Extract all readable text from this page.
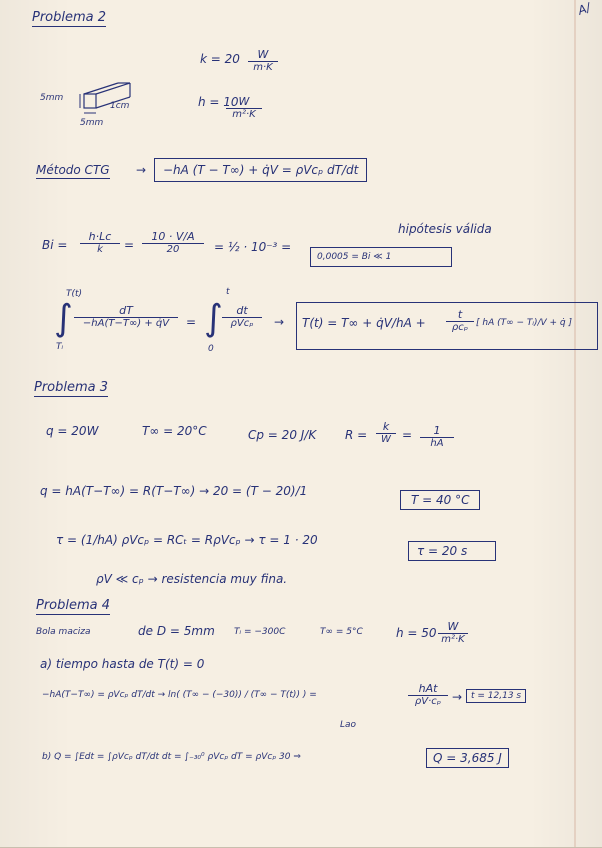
A/
Problema 2
$k = 20 \frac{W}{m\cdot K}$
5mm
1cm
5mm
h = 10
$\frac{W}{\text{m²·K}}$
Método CTG →	−hA (T − T∞) + q̇V = ρVcₚ dT/dt
$Bi = \frac{h\cdot Lc}{k} = \frac{10 \cdot V/A}{20}$ = ½ · 10⁻³ =
0,0005 = Bi ≪ 1
hipótesis válida
T(t)
∫
Tᵢ
$\frac{dT}{-hA(T-T\infty) + q̇V}$ =
t
∫
0
dt
ρVcₚ	→ T(t) = T∞ + q̇V/hA +
t
ρcₚ [ hA (T∞ − Tᵢ)/V + q̇ ]
Problema 3
q = 20W	T∞ = 20°C	Cp = 20 J/K $R = \frac{k}{W} = \frac{1}{hA}$
q = hA(T−T∞) = R(T−T∞) → 20 = (T − 20)/1
T = 40 °C
τ = (1/hA) ρVcₚ = RCₜ = RρVcₚ → τ = 1 · 20
τ = 20 s
ρV ≪ cₚ → resistencia muy fina.
Problema 4
Bola maciza	de D = 5mm Tᵢ = −300C	T∞ = 5°C	$h = 50 \frac{W}{\text{m²·K}}$
a) tiempo hasta de T(t) = 0
−hA(T−T∞) = ρVcₚ dT/dt → ln( (T∞ − (−30)) / (T∞ − T(t)) ) =	hAt
ρV·cₚ → t = 12,13 s
Lao
b) Q = ∫Edt = ∫ρVcₚ dT/dt dt = ∫₋₃₀⁰ ρVcₚ dT = ρVcₚ 30 ⇒	Q = 3,685 J
